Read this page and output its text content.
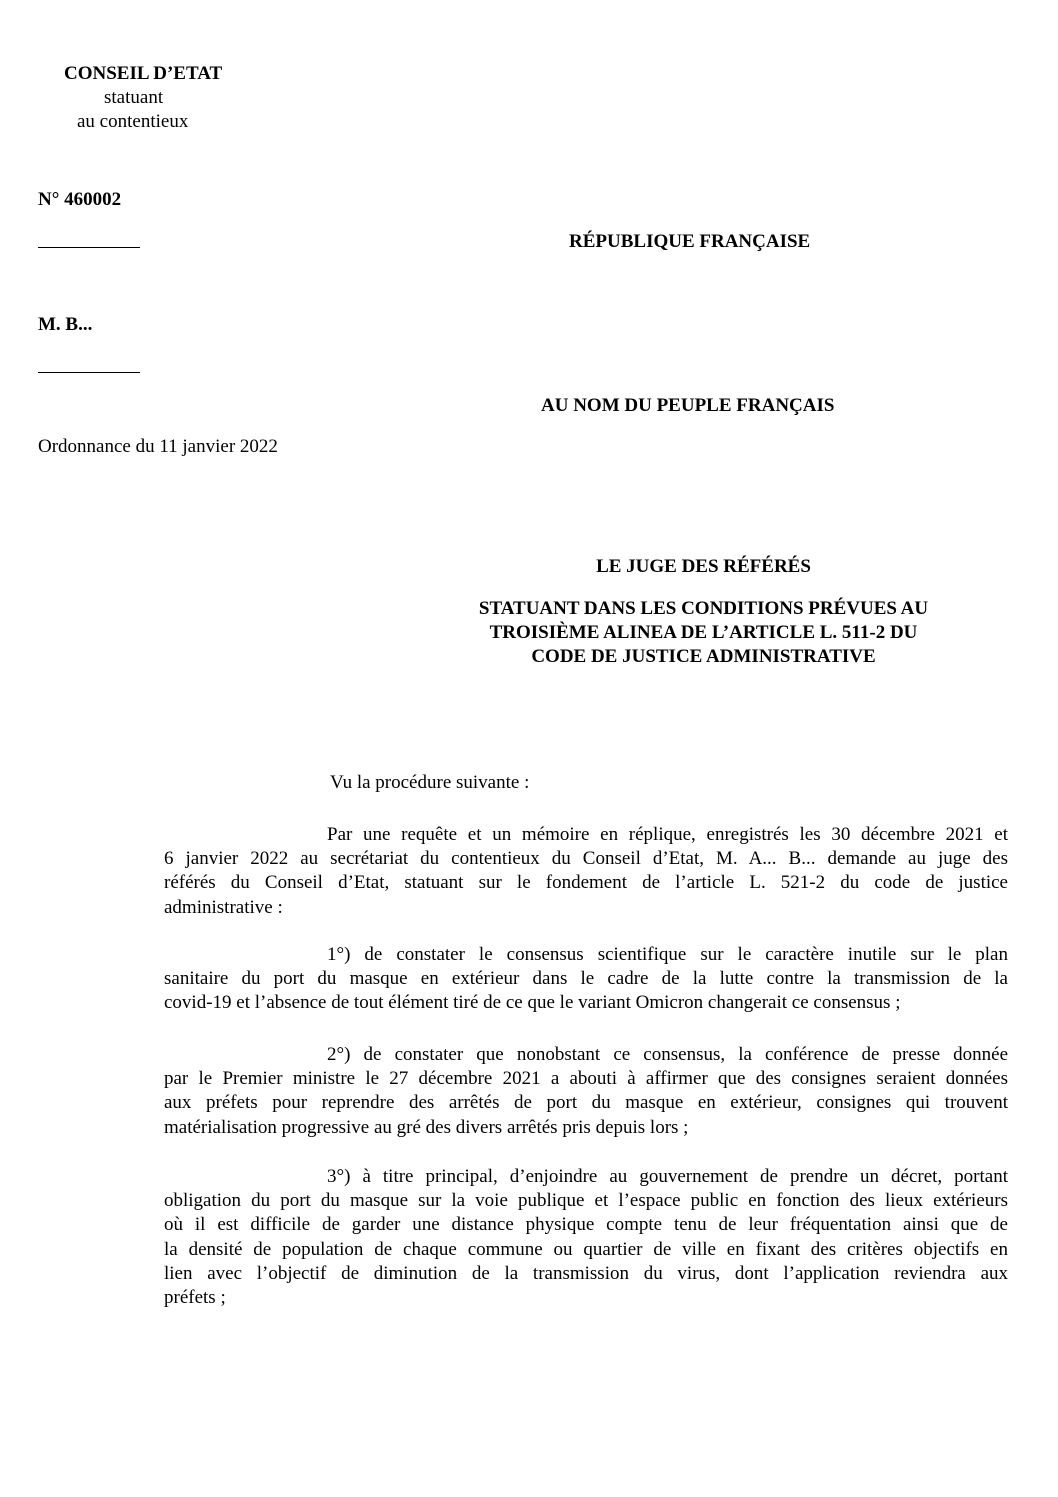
CONSEIL D’ETAT
statuant
au contentieux
N° 460002
RÉPUBLIQUE FRANÇAISE
M. B...
AU NOM DU PEUPLE FRANÇAIS
Ordonnance du 11 janvier 2022
LE JUGE DES RÉFÉRÉS
STATUANT DANS LES CONDITIONS PRÉVUES AU
TROISIÈME ALINEA DE L’ARTICLE L. 511-2 DU
CODE DE JUSTICE ADMINISTRATIVE
Vu la procédure suivante :
Par une requête et un mémoire en réplique, enregistrés les 30 décembre 2021 et
6 janvier 2022 au secrétariat du contentieux du Conseil d’Etat, M. A... B... demande au juge des
référés du Conseil d’Etat, statuant sur le fondement de l’article L. 521-2 du code de justice
administrative :
1°) de constater le consensus scientifique sur le caractère inutile sur le plan
sanitaire du port du masque en extérieur dans le cadre de la lutte contre la transmission de la
covid-19 et l’absence de tout élément tiré de ce que le variant Omicron changerait ce consensus ;
2°) de constater que nonobstant ce consensus, la conférence de presse donnée
par le Premier ministre le 27 décembre 2021 a abouti à affirmer que des consignes seraient données
aux préfets pour reprendre des arrêtés de port du masque en extérieur, consignes qui trouvent
matérialisation progressive au gré des divers arrêtés pris depuis lors ;
3°) à titre principal, d’enjoindre au gouvernement de prendre un décret, portant
obligation du port du masque sur la voie publique et l’espace public en fonction des lieux extérieurs
où il est difficile de garder une distance physique compte tenu de leur fréquentation ainsi que de
la densité de population de chaque commune ou quartier de ville en fixant des critères objectifs en
lien avec l’objectif de diminution de la transmission du virus, dont l’application reviendra aux
préfets ;
